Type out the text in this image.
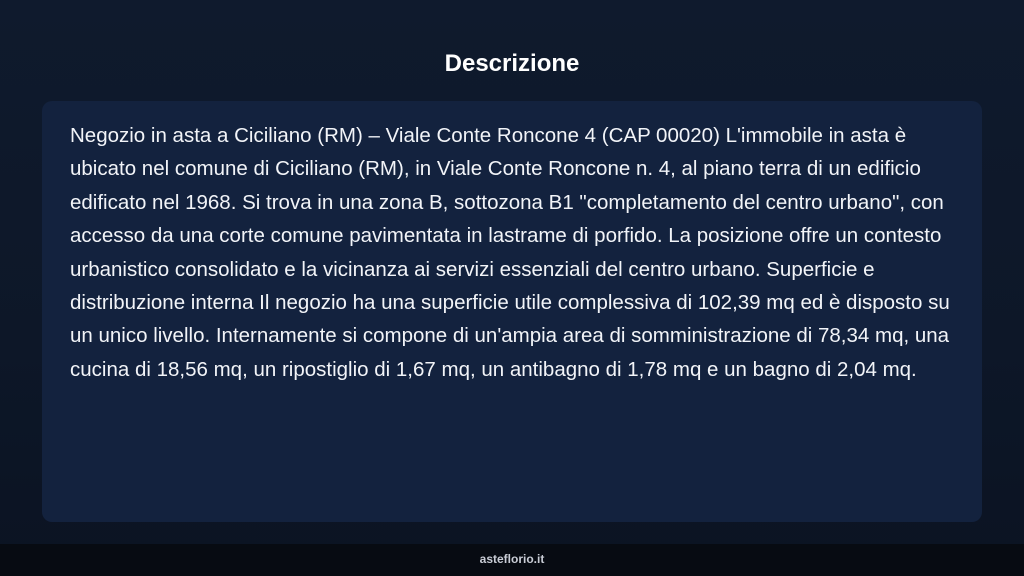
Descrizione

Negozio in asta a Ciciliano (RM) – Viale Conte Roncone 4 (CAP 00020) L'immobile in asta è ubicato nel comune di Ciciliano (RM), in Viale Conte Roncone n. 4, al piano terra di un edificio edificato nel 1968. Si trova in una zona B, sottozona B1 "completamento del centro urbano", con accesso da una corte comune pavimentata in lastrame di porfido. La posizione offre un contesto urbanistico consolidato e la vicinanza ai servizi essenziali del centro urbano. Superficie e distribuzione interna Il negozio ha una superficie utile complessiva di 102,39 mq ed è disposto su un unico livello. Internamente si compone di un'ampia area di somministrazione di 78,34 mq, una cucina di 18,56 mq, un ripostiglio di 1,67 mq, un antibagno di 1,78 mq e un bagno di 2,04 mq.

asteflorio.it
